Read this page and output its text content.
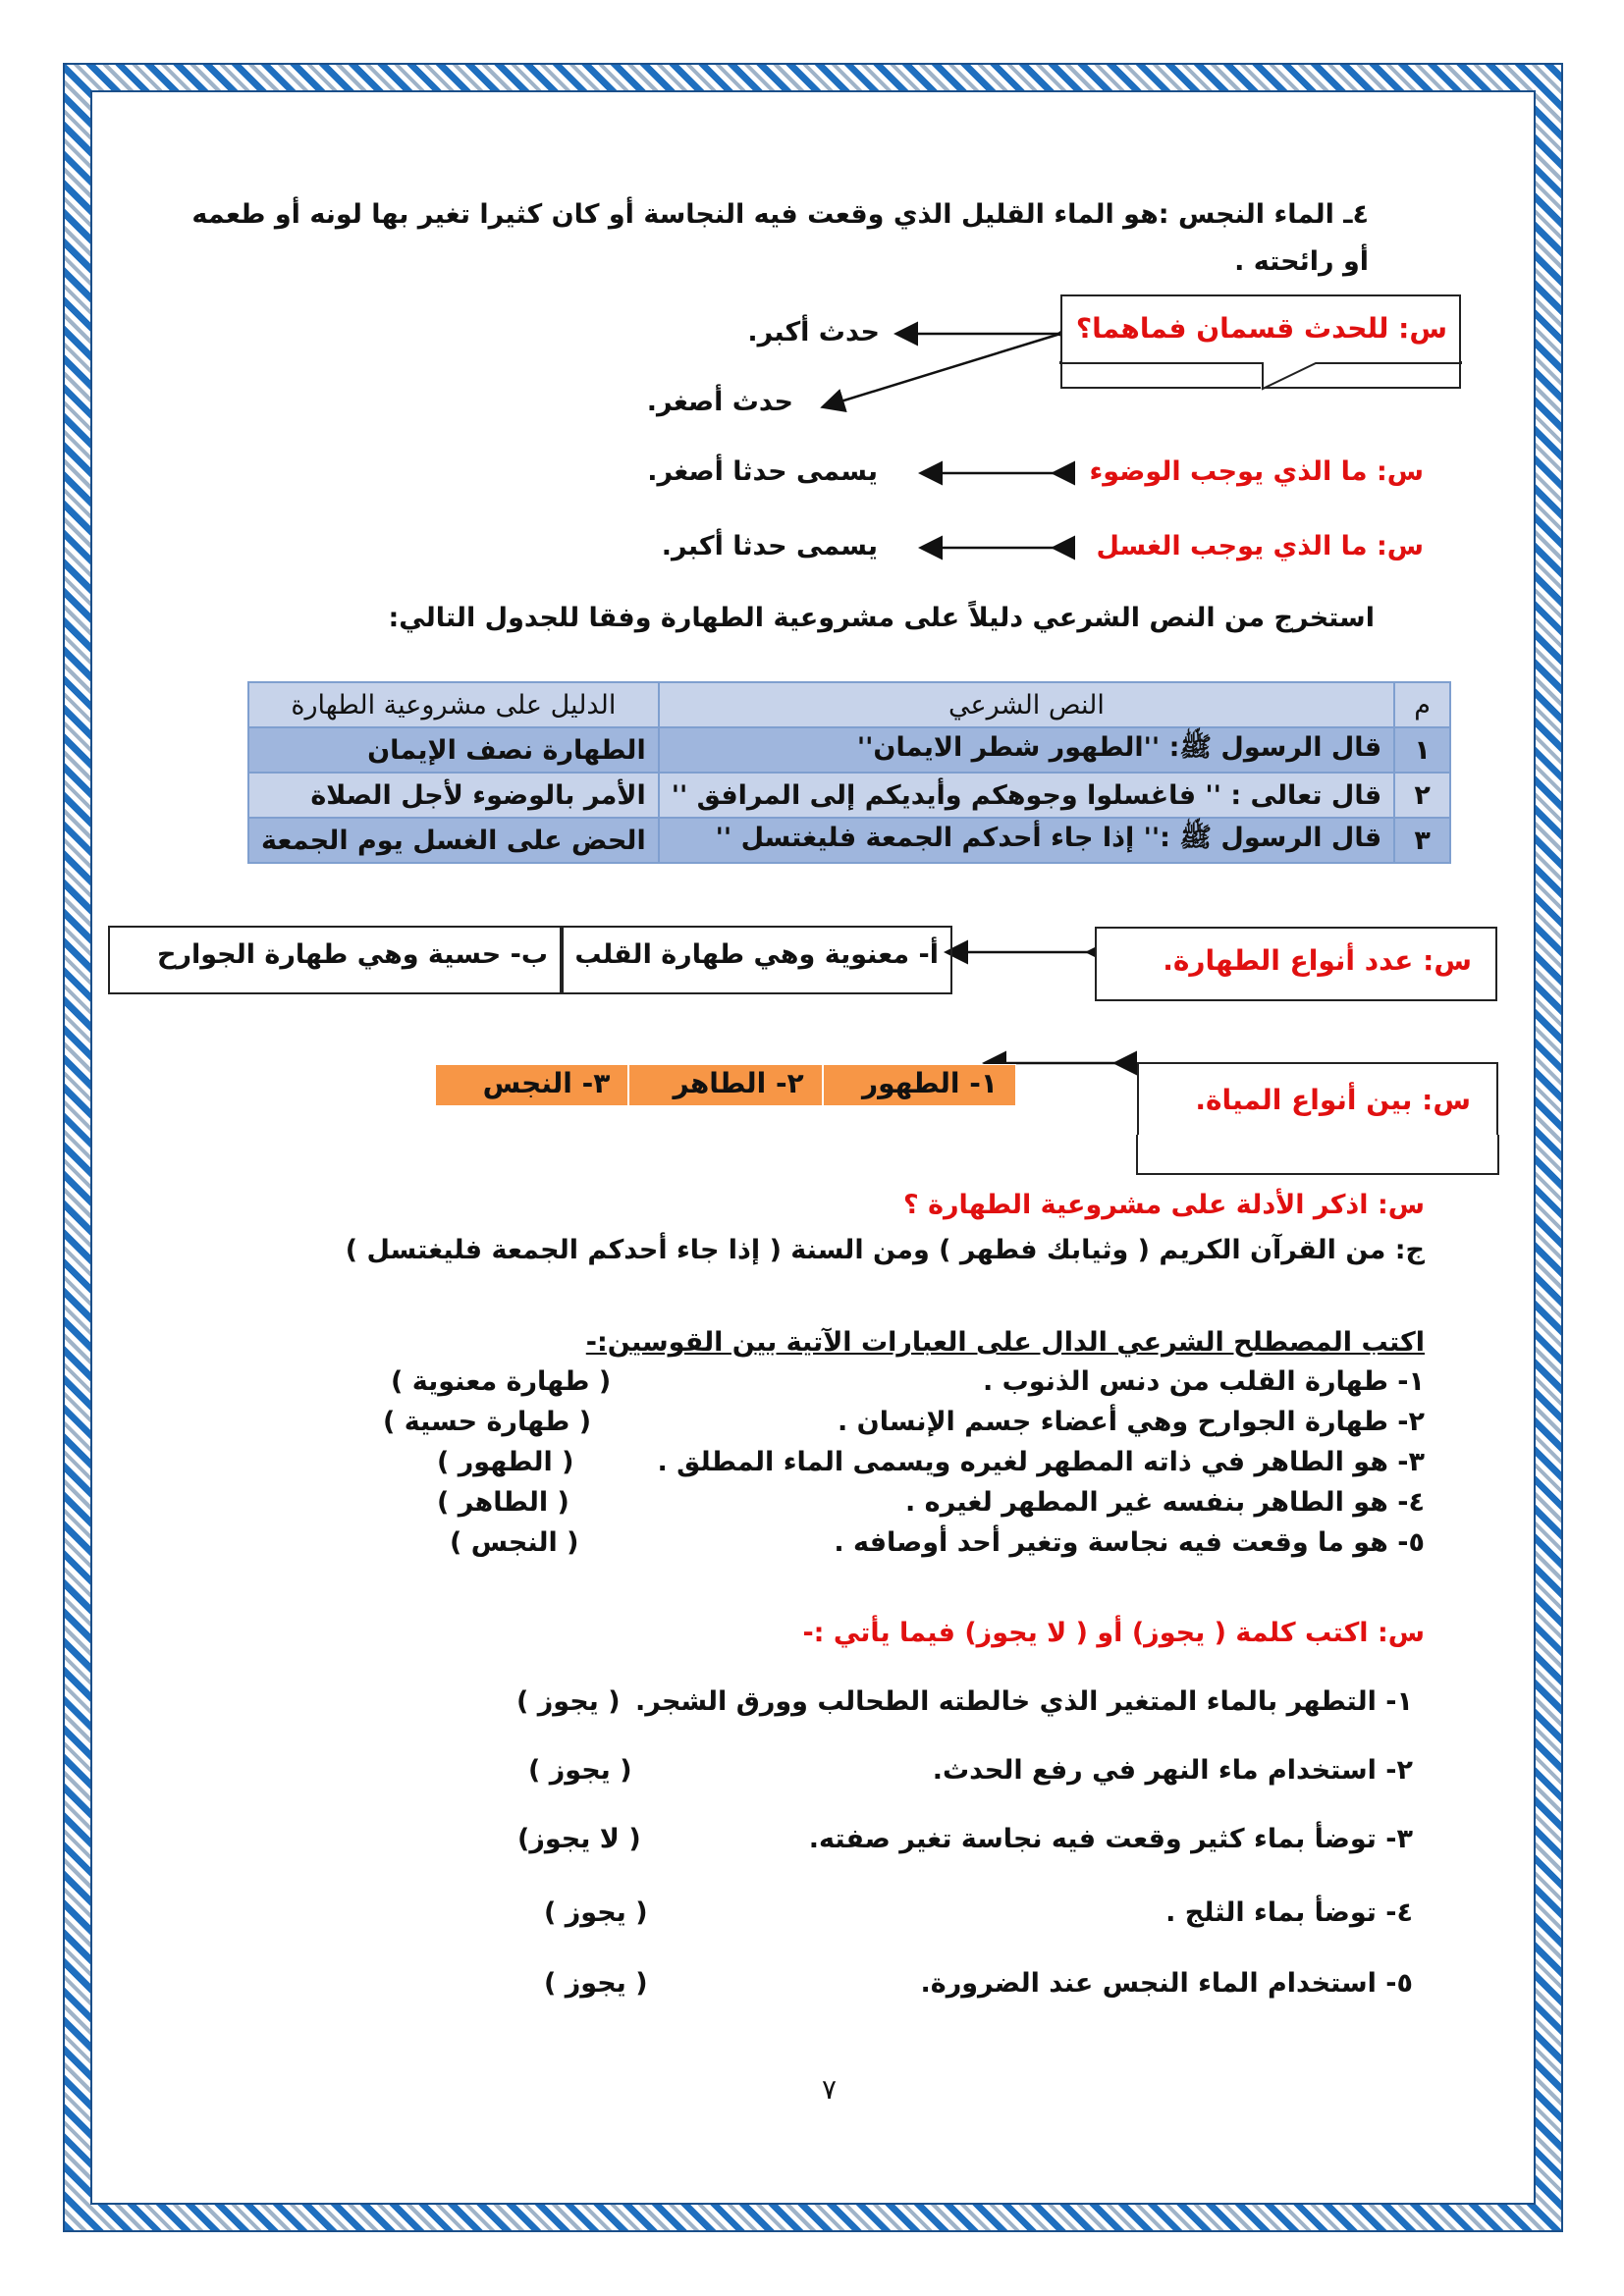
٤ـ الماء النجس :هو الماء القليل الذي وقعت فيه النجاسة أو كان كثيرا تغير بها لونه أو طعمه
أو رائحته .
س: للحدث قسمان فماهما؟
حدث أكبر.
حدث أصغر.
س: ما الذي يوجب الوضوء
يسمى حدثا أصغر.
س: ما الذي يوجب الغسل
يسمى حدثا أكبر.
استخرج من النص الشرعي دليلاً على مشروعية الطهارة وفقا للجدول التالي:
م	النص الشرعي	الدليل على مشروعية الطهارة
١	قال الرسول ﷺ: ''الطهور شطر الايمان''	الطهارة نصف الإيمان
٢	قال تعالى : '' فاغسلوا وجوهكم وأيديكم إلى المرافق ''	الأمر بالوضوء لأجل الصلاة
٣	قال الرسول ﷺ :'' إذا جاء أحدكم الجمعة فليغتسل ''	الحض على الغسل يوم الجمعة
س: عدد أنواع الطهارة.
أ- معنوية وهي طهارة القلب
ب- حسية وهي طهارة الجوارح
س: بين أنواع المياة.
١- الطهور
٢- الطاهر
٣- النجس
س: اذكر الأدلة على مشروعية الطهارة ؟
ج: من القرآن الكريم ( وثيابك فطهر ) ومن السنة ( إذا جاء أحدكم الجمعة فليغتسل )
اكتب المصطلح الشرعي الدال على العبارات الآتية بين القوسين:-
١- طهارة القلب من دنس الذنوب .
( طهارة معنوية )
٢- طهارة الجوارح وهي أعضاء جسم الإنسان .
( طهارة حسية )
٣- هو الطاهر في ذاته المطهر لغيره ويسمى الماء المطلق .
( الطهور )
٤- هو الطاهر بنفسه غير المطهر لغيره .
( الطاهر )
٥- هو ما وقعت فيه نجاسة وتغير أحد أوصافه .
( النجس )
س: اكتب كلمة ( يجوز) أو ( لا يجوز) فيما يأتي :-
١- التطهر بالماء المتغير الذي خالطته الطحالب وورق الشجر.
( يجوز )
٢- استخدام ماء النهر في رفع الحدث.
( يجوز )
٣- توضأ بماء كثير وقعت فيه نجاسة تغير صفته.
( لا يجوز)
٤- توضأ بماء الثلج .
( يجوز )
٥- استخدام الماء النجس عند الضرورة.
( يجوز )
٧
